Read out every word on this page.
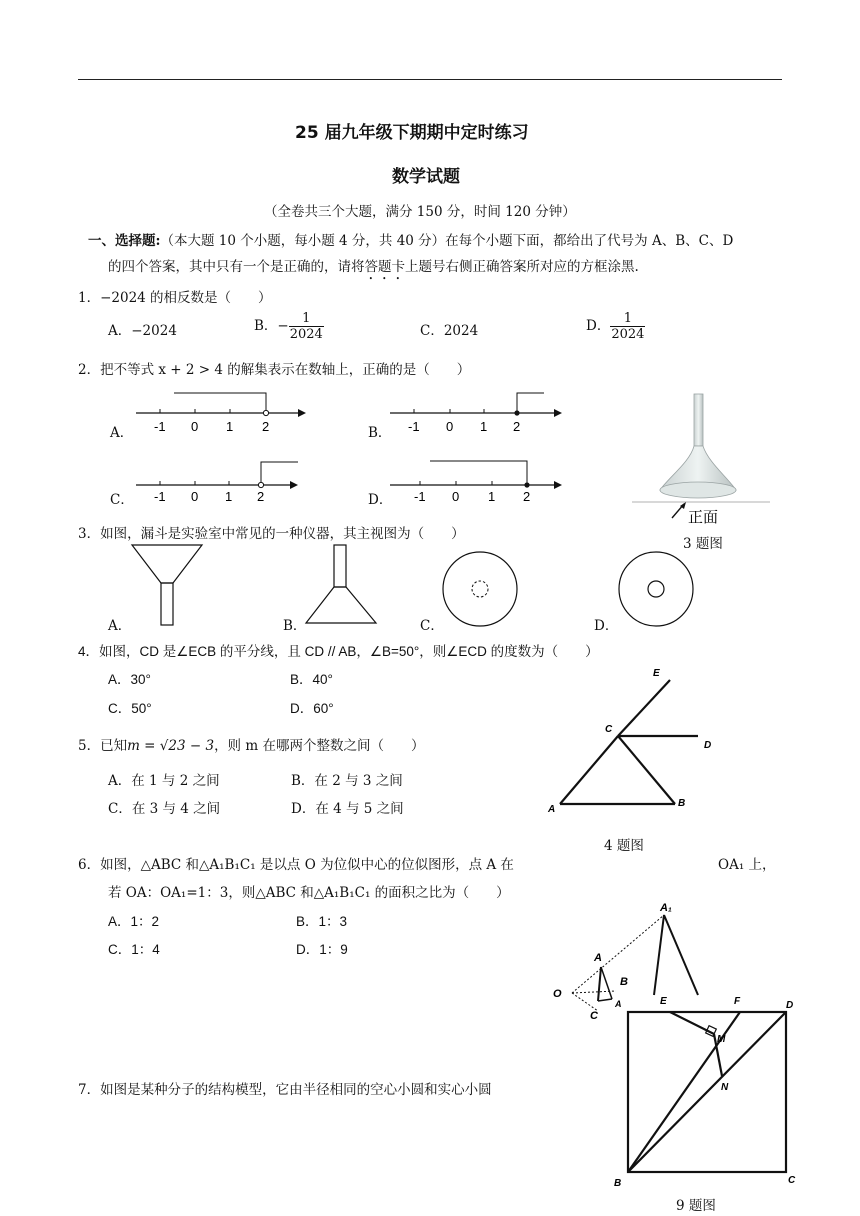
25 届九年级下期期中定时练习
数学试题
（全卷共三个大题，满分 150 分，时间 120 分钟）
一、选择题:（本大题 10 个小题，每小题 4 分，共 40 分）在每个小题下面，都给出了代号为 A、B、C、D
的四个答案，其中只有一个是正确的，请将答题卡上题号右侧正确答案所对应的方框涂黑.
1．−2024 的相反数是（　　）
A．−2024	B．− $\frac{1}{2024}$	C．2024	D． $\frac{1}{2024}$
2．把不等式 x + 2 > 4 的解集表示在数轴上，正确的是（　　）
A．	B．
C．	D．
-1 0 1 2	-1 0 1 2
-1 0 1 2	-1 0 1 2
正面
3 题图
3．如图，漏斗是实验室中常见的一种仪器，其主视图为（　　）
A．	B．	C．	D．
4．如图，CD 是∠ECB 的平分线，且 CD // AB，∠B=50°，则∠ECD 的度数为（　　）
A．30°	B．40°
C．50°	D．60°
E
C
D
A
B
4 题图
5．已知m = √23 − 3，则 m 在哪两个整数之间（　　）
A．在 1 与 2 之间	B．在 2 与 3 之间
C．在 3 与 4 之间	D．在 4 与 5 之间
6．如图，△ABC 和△A₁B₁C₁ 是以点 O 为位似中心的位似图形，点 A 在	OA₁ 上，
若 OA：OA₁=1：3，则△ABC 和△A₁B₁C₁ 的面积之比为（　　）
A．1：2	B．1：3
C．1：4	D．1：9
A₁
A
B
O
C
A
7．如图是某种分子的结构模型，它由半径相同的空心小圆和实心小圆
E	F	D
M
N
B	C
9 题图
